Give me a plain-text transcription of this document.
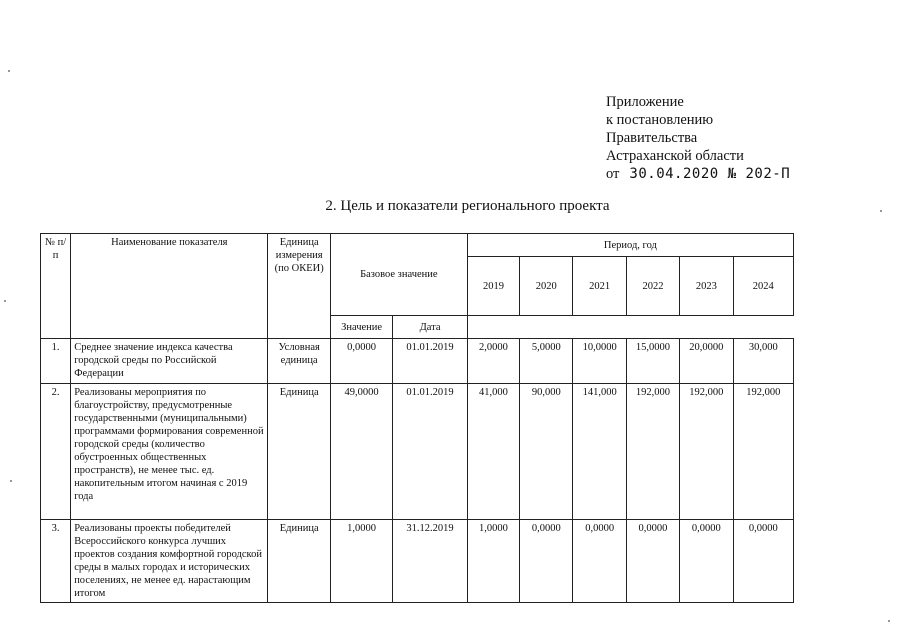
Приложение
к постановлению
Правительства
Астраханской области
от 30.04.2020 № 202-П
2. Цель и показатели регионального проекта
№ п/п	Наименование показателя	Единица измерения (по ОКЕИ)	Базовое значение		Период, год					
					2019	2020	2021	2022	2023	2024
			Значение	Дата						
1.	Среднее значение индекса качества городской среды по Российской Федерации	Условная единица	0,0000	01.01.2019	2,0000	5,0000	10,0000	15,0000	20,0000	30,000
2.	Реализованы мероприятия по благоустройству, предусмотренные государственными (муниципальными) программами формирования современной городской среды (количество обустроенных общественных пространств), не менее тыс. ед. накопительным итогом начиная с 2019 года	Единица	49,0000	01.01.2019	41,000	90,000	141,000	192,000	192,000	192,000
3.	Реализованы проекты победителей Всероссийского конкурса лучших проектов создания комфортной городской среды в малых городах и исторических поселениях, не менее ед. нарастающим итогом	Единица	1,0000	31.12.2019	1,0000	0,0000	0,0000	0,0000	0,0000	0,0000
